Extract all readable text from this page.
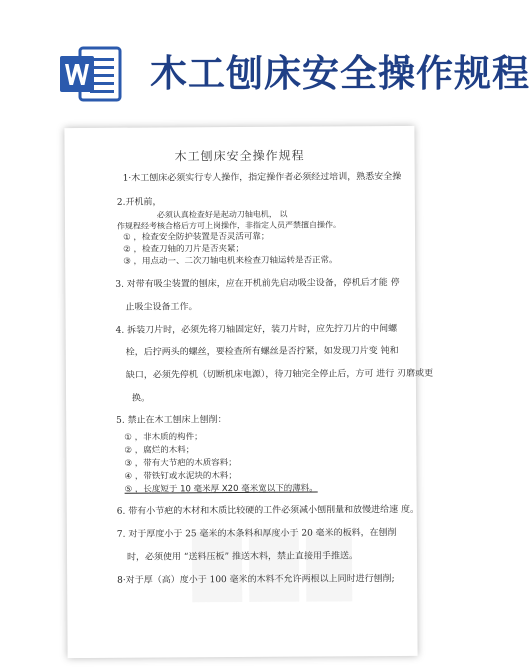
木工刨床安全操作规程
木工刨床安全操作规程
1·木工刨床必须实行专人操作，指定操作者必须经过培训，熟悉安全操
2.开机前，
必须认真检查好是起动刀轴电机， 以
作规程经考核合格后方可上岗操作，非指定人员严禁擅自操作。
① ，检查安全防护装置是否灵活可靠；
② ，检查刀轴的刀片是否夹紧；
③ ，用点动一、二次刀轴电机来检查刀轴运转是否正常。
3. 对带有吸尘装置的刨床，应在开机前先启动吸尘设备，停机后才能 停
止吸尘设备工作。
4. 拆装刀片时，必须先将刀轴固定好，装刀片时，应先拧刀片的中间螺
栓，后拧两头的螺丝，要检查所有螺丝是否拧紧，如发现刀片变 钝和
缺口，必须先停机（切断机床电源），待刀轴完全停止后，方可 进行 刃磨或更
换。
5. 禁止在木工刨床上刨削：
① ，非木质的构件；
② ，腐烂的木料；
③ ，带有大节疤的木质容料；
④ ，带铁钉或水泥块的木料；
⑤ ，长度短于 10 毫米厚 X20 毫米宽以下的薄料。
6. 带有小节疤的木材和木质比较硬的工件必须减小刨削量和放慢进给速 度。
7. 对于厚度小于 25 毫米的木条料和厚度小于 20 毫米的板料，在刨削
时，必须使用 “送料压板” 推送木料，禁止直接用手推送。
8·对于厚（高）度小于 100 毫米的木料不允许两根以上同时进行刨削;
